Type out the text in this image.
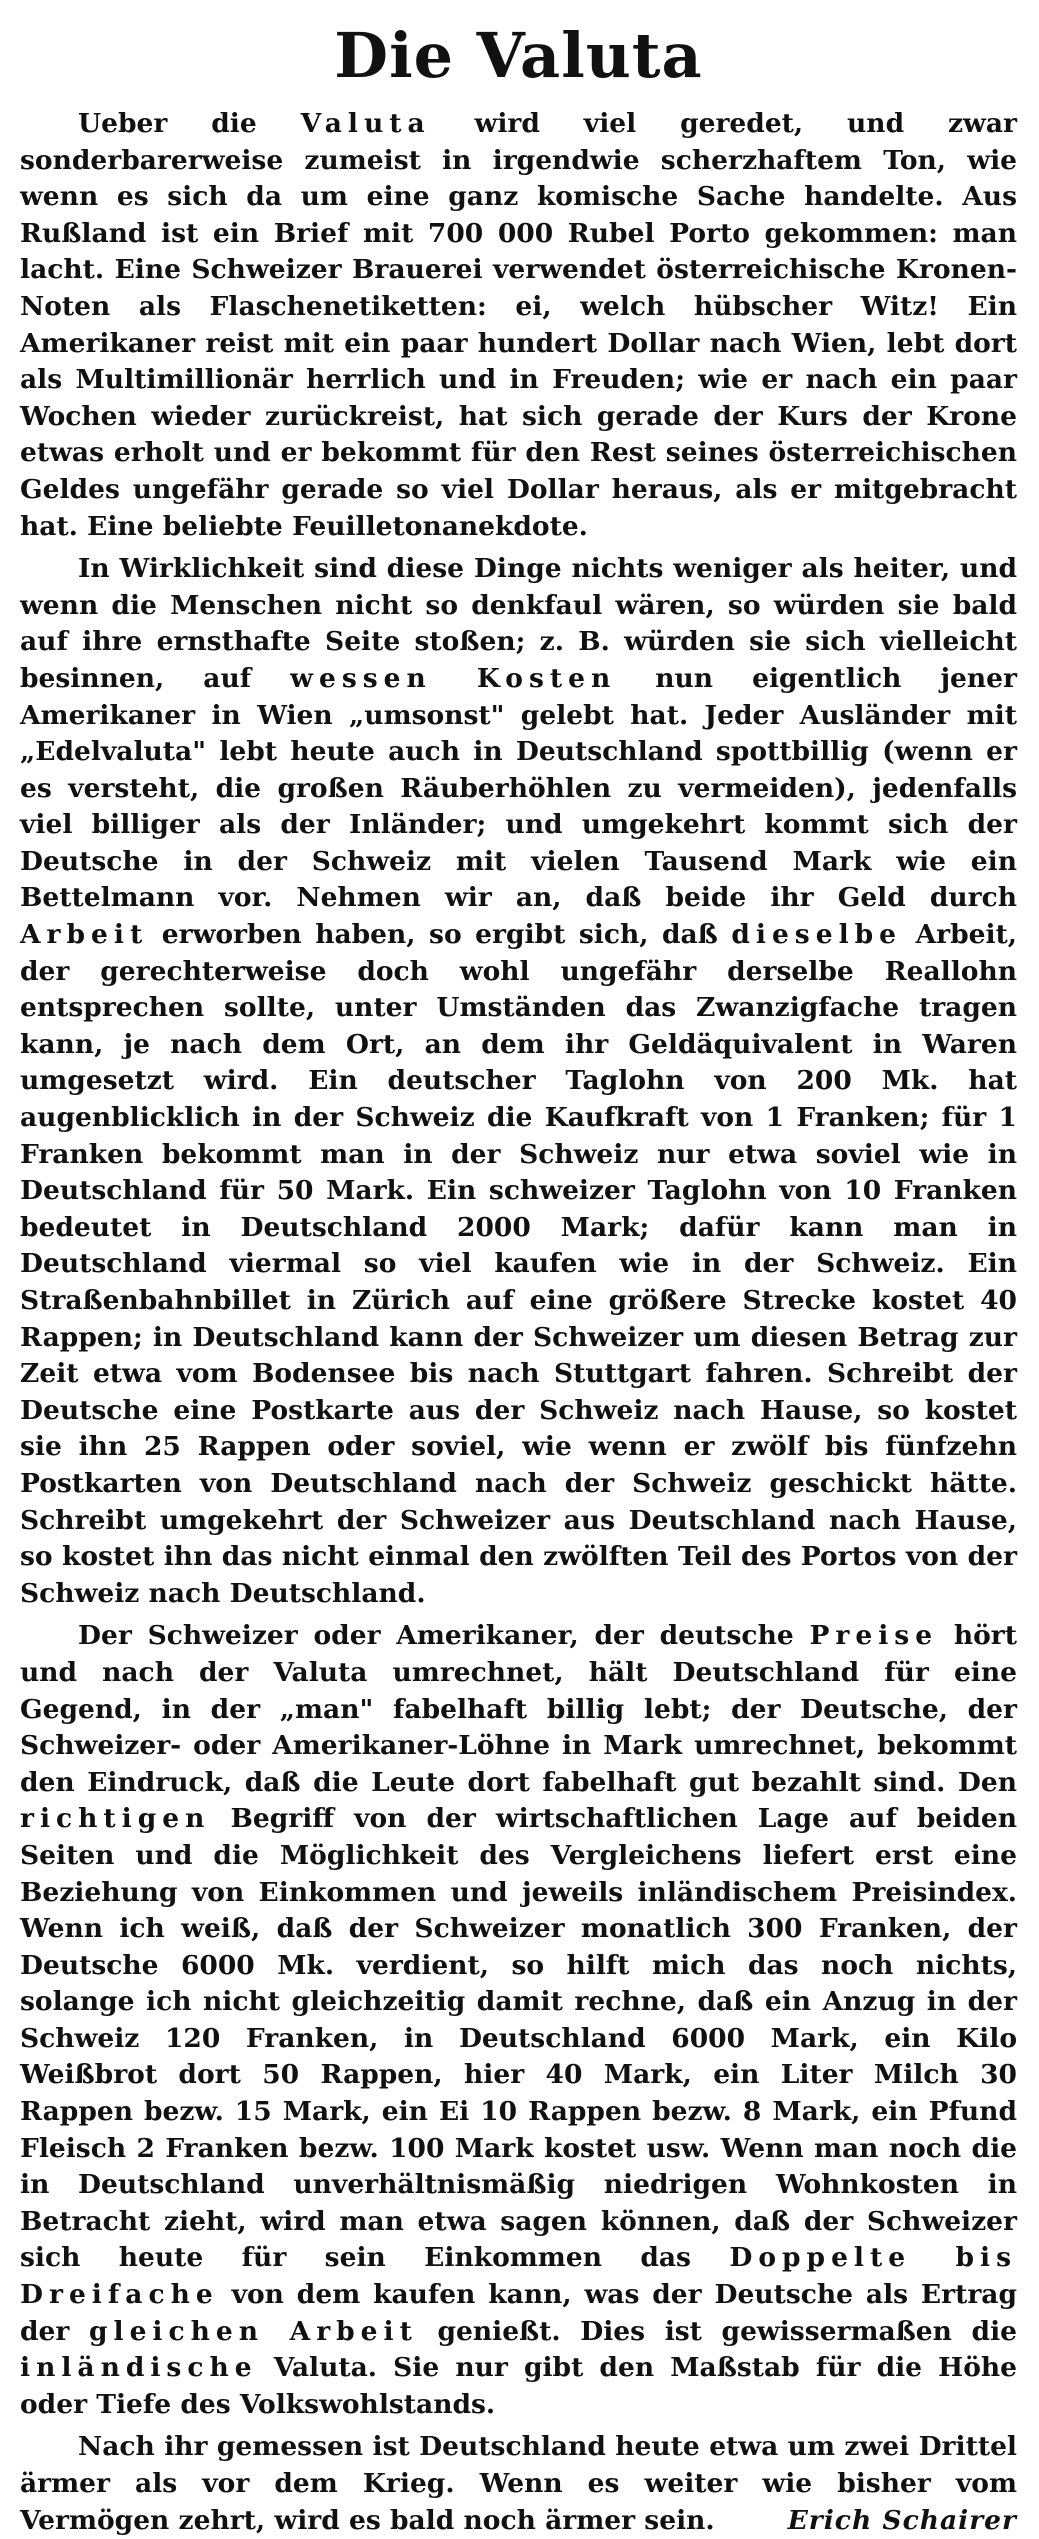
Die Valuta

Ueber die Valuta wird viel geredet, und zwar sonderbarerweise zumeist in irgendwie scherzhaftem Ton, wie wenn es sich da um eine ganz komische Sache handelte. Aus Rußland ist ein Brief mit 700 000 Rubel Porto gekommen: man lacht. Eine Schweizer Brauerei verwendet österreichische Kronen-Noten als Flaschenetiketten: ei, welch hübscher Witz! Ein Amerikaner reist mit ein paar hundert Dollar nach Wien, lebt dort als Multimillionär herrlich und in Freuden; wie er nach ein paar Wochen wieder zurückreist, hat sich gerade der Kurs der Krone etwas erholt und er bekommt für den Rest seines österreichischen Geldes ungefähr gerade so viel Dollar heraus, als er mitgebracht hat. Eine beliebte Feuilletonanekdote.

In Wirklichkeit sind diese Dinge nichts weniger als heiter, und wenn die Menschen nicht so denkfaul wären, so würden sie bald auf ihre ernsthafte Seite stoßen; z. B. würden sie sich vielleicht besinnen, auf wessen Kosten nun eigentlich jener Amerikaner in Wien „umsonst" gelebt hat. Jeder Ausländer mit „Edelvaluta" lebt heute auch in Deutschland spottbillig (wenn er es versteht, die großen Räuberhöhlen zu vermeiden), jedenfalls viel billiger als der Inländer; und umgekehrt kommt sich der Deutsche in der Schweiz mit vielen Tausend Mark wie ein Bettelmann vor. Nehmen wir an, daß beide ihr Geld durch Arbeit erworben haben, so ergibt sich, daß dieselbe Arbeit, der gerechterweise doch wohl ungefähr derselbe Reallohn entsprechen sollte, unter Umständen das Zwanzigfache tragen kann, je nach dem Ort, an dem ihr Geldäquivalent in Waren umgesetzt wird. Ein deutscher Taglohn von 200 Mk. hat augenblicklich in der Schweiz die Kaufkraft von 1 Franken; für 1 Franken bekommt man in der Schweiz nur etwa soviel wie in Deutschland für 50 Mark. Ein schweizer Taglohn von 10 Franken bedeutet in Deutschland 2000 Mark; dafür kann man in Deutschland viermal so viel kaufen wie in der Schweiz. Ein Straßenbahnbillet in Zürich auf eine größere Strecke kostet 40 Rappen; in Deutschland kann der Schweizer um diesen Betrag zur Zeit etwa vom Bodensee bis nach Stuttgart fahren. Schreibt der Deutsche eine Postkarte aus der Schweiz nach Hause, so kostet sie ihn 25 Rappen oder soviel, wie wenn er zwölf bis fünfzehn Postkarten von Deutschland nach der Schweiz geschickt hätte. Schreibt umgekehrt der Schweizer aus Deutschland nach Hause, so kostet ihn das nicht einmal den zwölften Teil des Portos von der Schweiz nach Deutschland.

Der Schweizer oder Amerikaner, der deutsche Preise hört und nach der Valuta umrechnet, hält Deutschland für eine Gegend, in der „man" fabelhaft billig lebt; der Deutsche, der Schweizer- oder Amerikaner-Löhne in Mark umrechnet, bekommt den Eindruck, daß die Leute dort fabelhaft gut bezahlt sind. Den richtigen Begriff von der wirtschaftlichen Lage auf beiden Seiten und die Möglichkeit des Vergleichens liefert erst eine Beziehung von Einkommen und jeweils inländischem Preisindex. Wenn ich weiß, daß der Schweizer monatlich 300 Franken, der Deutsche 6000 Mk. verdient, so hilft mich das noch nichts, solange ich nicht gleichzeitig damit rechne, daß ein Anzug in der Schweiz 120 Franken, in Deutschland 6000 Mark, ein Kilo Weißbrot dort 50 Rappen, hier 40 Mark, ein Liter Milch 30 Rappen bezw. 15 Mark, ein Ei 10 Rappen bezw. 8 Mark, ein Pfund Fleisch 2 Franken bezw. 100 Mark kostet usw. Wenn man noch die in Deutschland unverhältnismäßig niedrigen Wohnkosten in Betracht zieht, wird man etwa sagen können, daß der Schweizer sich heute für sein Einkommen das Doppelte bis Dreifache von dem kaufen kann, was der Deutsche als Ertrag der gleichen Arbeit genießt. Dies ist gewissermaßen die inländische Valuta. Sie nur gibt den Maßstab für die Höhe oder Tiefe des Volkswohlstands.

Nach ihr gemessen ist Deutschland heute etwa um zwei Drittel ärmer als vor dem Krieg. Wenn es weiter wie bisher vom Vermögen zehrt, wird es bald noch ärmer sein.	Erich Schairer
